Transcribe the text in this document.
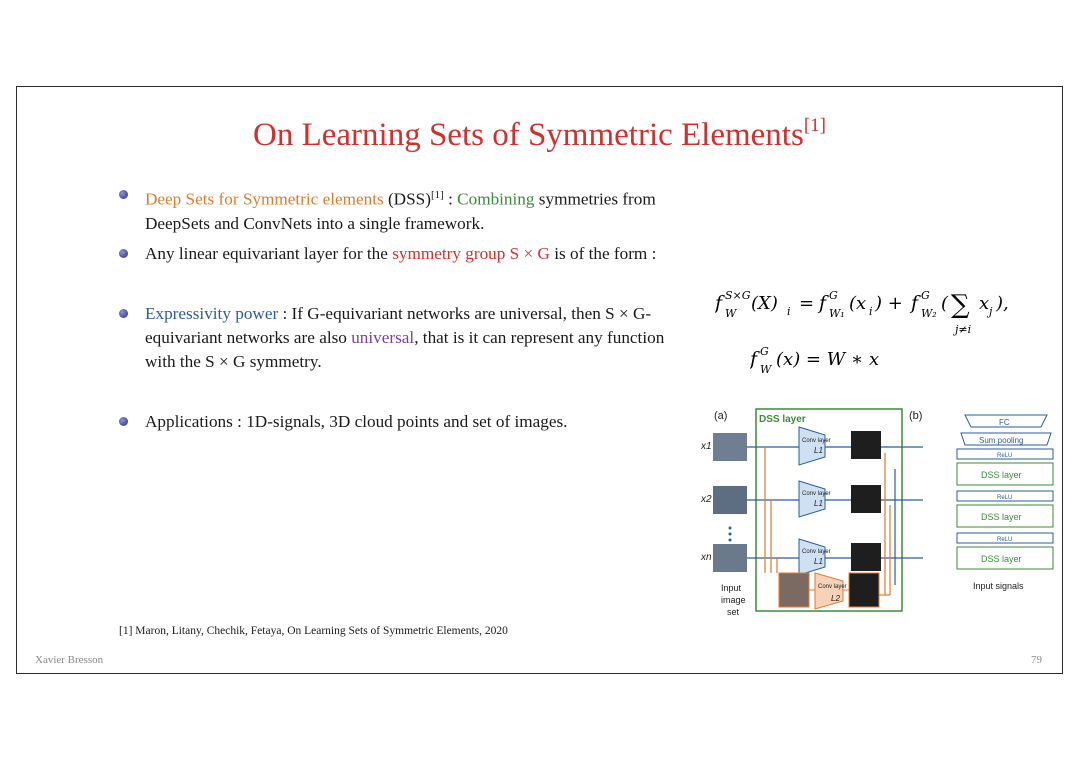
On Learning Sets of Symmetric Elements[1]
Deep Sets for Symmetric elements (DSS)[1] : Combining symmetries from DeepSets and ConvNets into a single framework.
Any linear equivariant layer for the symmetry group S × G is of the form :
Expressivity power : If G-equivariant networks are universal, then S × G-equivariant networks are also universal, that is it can represent any function with the S × G symmetry.
Applications : 1D-signals, 3D cloud points and set of images.
f S×G
W (X) i = f G
W₁ (x i ) + f G
W₂ ( ∑
j≠i
x j ),
f G
W (x) = W ∗ x
(a)	(b)
DSS layer
x1
x2
xn
Conv layer
L1
Conv layer
L1
Conv layer
L1
Conv layer
L2
Input
image
set
FC
Sum pooling
ReLU
DSS layer
ReLU
DSS layer
ReLU
DSS layer
Input signals
[1] Maron, Litany, Chechik, Fetaya, On Learning Sets of Symmetric Elements, 2020
Xavier Bresson	79
